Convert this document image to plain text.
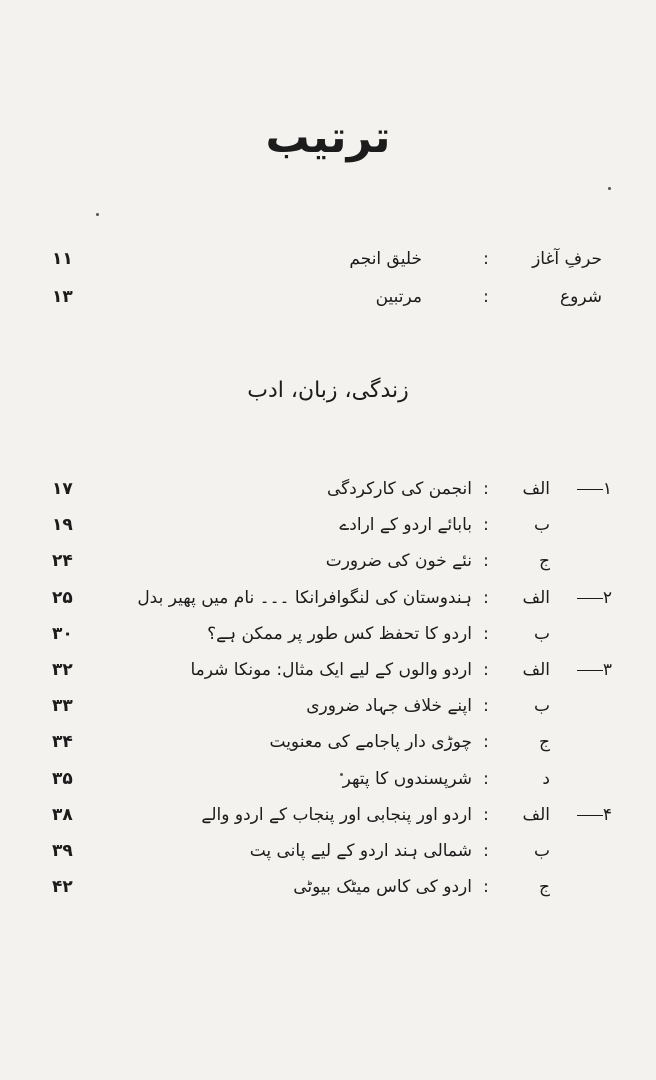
ترتیب
حرفِ آغاز
:
خلیق انجم
۱۱
شروع
:
مرتبین
۱۳
زندگی، زبان، ادب
۱
الف
:
انجمن کی کارکردگی
۱۷
ب
:
بابائے اردو کے ارادے
۱۹
ج
:
نئے خون کی ضرورت
۲۴
۲
الف
:
ہندوستان کی لنگوافرانکا ۔۔۔ نام میں پھیر بدل
۲۵
ب
:
اردو کا تحفظ کس طور پر ممکن ہے؟
۳۰
۳
الف
:
اردو والوں کے لیے ایک مثال: مونکا شرما
۳۲
ب
:
اپنے خلاف جہاد ضروری
۳۳
ج
:
چوڑی دار پاجامے کی معنویت
۳۴
د
:
شرپسندوں کا پتھر
۳۵
۴
الف
:
اردو اور پنجابی اور پنجاب کے اردو والے
۳۸
ب
:
شمالی ہند اردو کے لیے پانی پت
۳۹
ج
:
اردو کی کاس میٹک بیوٹی
۴۲
